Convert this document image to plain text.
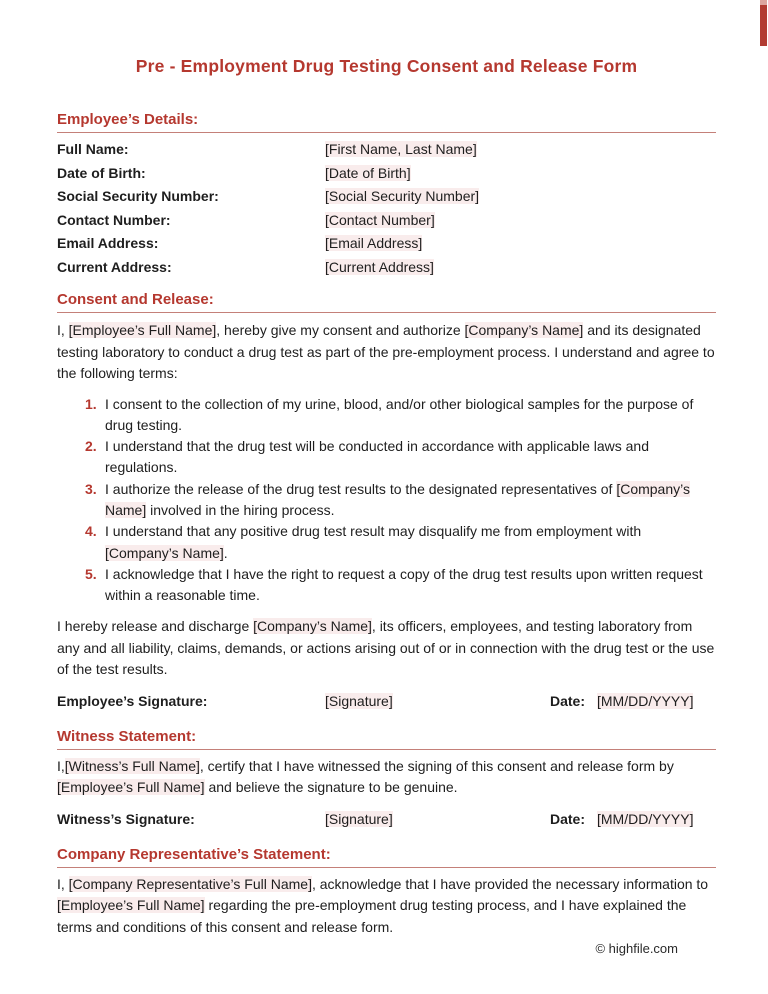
Pre - Employment Drug Testing Consent and Release Form
Employee’s Details:
Full Name:	[First Name, Last Name]
Date of Birth:	[Date of Birth]
Social Security Number:	[Social Security Number]
Contact Number:	[Contact Number]
Email Address:	[Email Address]
Current Address:	[Current Address]
Consent and Release:
I, [Employee’s Full Name], hereby give my consent and authorize [Company’s Name] and its designated testing laboratory to conduct a drug test as part of the pre-employment process. I understand and agree to the following terms:
1. I consent to the collection of my urine, blood, and/or other biological samples for the purpose of drug testing.
2. I understand that the drug test will be conducted in accordance with applicable laws and regulations.
3. I authorize the release of the drug test results to the designated representatives of [Company’s Name] involved in the hiring process.
4. I understand that any positive drug test result may disqualify me from employment with [Company’s Name].
5. I acknowledge that I have the right to request a copy of the drug test results upon written request within a reasonable time.
I hereby release and discharge [Company’s Name], its officers, employees, and testing laboratory from any and all liability, claims, demands, or actions arising out of or in connection with the drug test or the use of the test results.
Employee’s Signature:	[Signature]	Date: [MM/DD/YYYY]
Witness Statement:
I,[Witness’s Full Name], certify that I have witnessed the signing of this consent and release form by [Employee’s Full Name] and believe the signature to be genuine.
Witness’s Signature:	[Signature]	Date: [MM/DD/YYYY]
Company Representative’s Statement:
I, [Company Representative’s Full Name], acknowledge that I have provided the necessary information to [Employee’s Full Name] regarding the pre-employment drug testing process, and I have explained the terms and conditions of this consent and release form.
© highfile.com
